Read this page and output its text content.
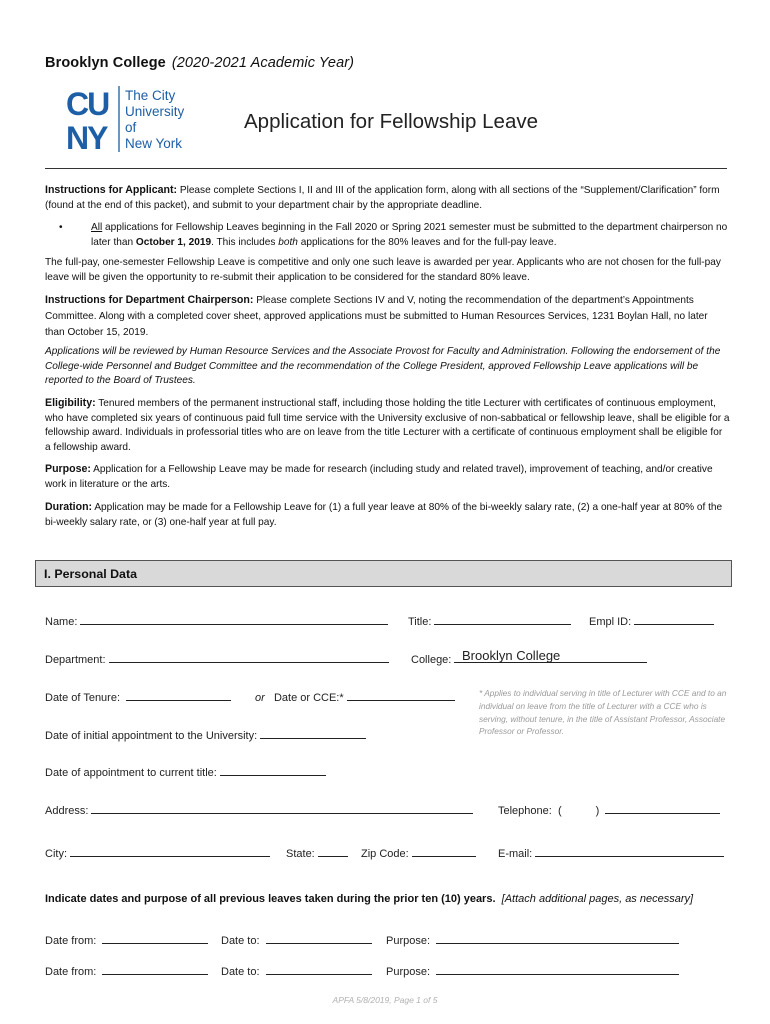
Brooklyn College (2020-2021 Academic Year)
CU
NY
The City
University
of
New York
Application for Fellowship Leave
Instructions for Applicant: Please complete Sections I, II and III of the application form, along with all sections of the “Supplement/Clarification” form (found at the end of this packet), and submit to your department chair by the appropriate deadline.
•	All applications for Fellowship Leaves beginning in the Fall 2020 or Spring 2021 semester must be submitted to the department chairperson no later than October 1, 2019. This includes both applications for the 80% leaves and for the full-pay leave.
The full-pay, one-semester Fellowship Leave is competitive and only one such leave is awarded per year. Applicants who are not chosen for the full-pay leave will be given the opportunity to re-submit their application to be considered for the standard 80% leave.
Instructions for Department Chairperson: Please complete Sections IV and V, noting the recommendation of the department’s Appointments Committee. Along with a completed cover sheet, approved applications must be submitted to Human Resources Services, 1231 Boylan Hall, no later than October 15, 2019.
Applications will be reviewed by Human Resource Services and the Associate Provost for Faculty and Administration. Following the endorsement of the College-wide Personnel and Budget Committee and the recommendation of the College President, approved Fellowship Leave applications will be reported to the Board of Trustees.
Eligibility: Tenured members of the permanent instructional staff, including those holding the title Lecturer with certificates of continuous employment, who have completed six years of continuous paid full time service with the University exclusive of non-sabbatical or fellowship leave, shall be eligible for a fellowship award. Individuals in professorial titles who are on leave from the title Lecturer with a certificate of continuous employment shall be eligible for a fellowship award.
Purpose: Application for a Fellowship Leave may be made for research (including study and related travel), improvement of teaching, and/or creative work in literature or the arts.
Duration: Application may be made for a Fellowship Leave for (1) a full year leave at 80% of the bi-weekly salary rate, (2) a one-half year at 80% of the bi-weekly salary rate, or (3) one-half year at full pay.
I. Personal Data
Name:	Title:	Empl ID:
Department:	College: Brooklyn College
Date of Tenure:	or Date or CCE:*	* Applies to individual serving in title of Lecturer with CCE and to an individual on leave from the title of Lecturer with a CCE who is serving, without tenure, in the title of Assistant Professor, Associate Professor or Professor.
Date of initial appointment to the University:
Date of appointment to current title:
Address:	Telephone: (	)
City:	State:	Zip Code:	E-mail:
Indicate dates and purpose of all previous leaves taken during the prior ten (10) years. [Attach additional pages, as necessary]
Date from:	Date to:	Purpose:
Date from:	Date to:	Purpose:
APFA 5/8/2019, Page 1 of 5
